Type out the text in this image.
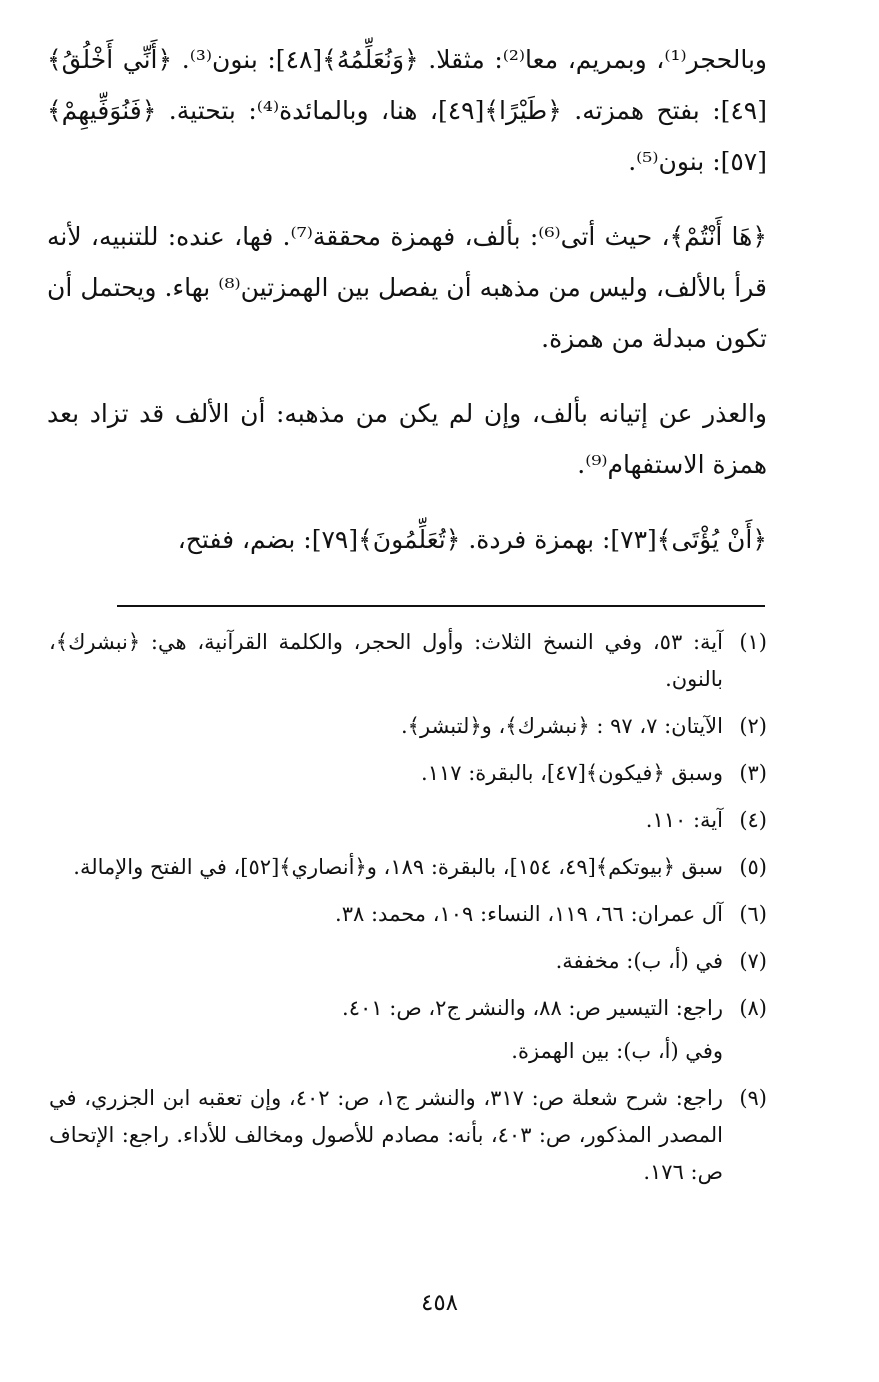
وبالحجر⁽¹⁾، وبمريم، معا⁽²⁾: مثقلا. ﴿وَنُعَلِّمُهُ﴾[٤٨]: بنون⁽³⁾. ﴿أَنِّي أَخْلُقُ﴾[٤٩]: بفتح همزته. ﴿طَيْرًا﴾[٤٩]، هنا، وبالمائدة⁽⁴⁾: بتحتية. ﴿فَنُوَفِّيهِمْ﴾[٥٧]: بنون⁽⁵⁾.

﴿هَا أَنْتُمْ﴾، حيث أتى⁽⁶⁾: بألف، فهمزة محققة⁽⁷⁾. فها، عنده: للتنبيه، لأنه قرأ بالألف، وليس من مذهبه أن يفصل بين الهمزتين⁽⁸⁾ بهاء. ويحتمل أن تكون مبدلة من همزة.

والعذر عن إتيانه بألف، وإن لم يكن من مذهبه: أن الألف قد تزاد بعد همزة الاستفهام⁽⁹⁾.

﴿أَنْ يُؤْتَى﴾[٧٣]: بهمزة فردة. ﴿تُعَلِّمُونَ﴾[٧٩]: بضم، ففتح،

(١)
آية: ٥٣، وفي النسخ الثلاث: وأول الحجر، والكلمة القرآنية، هي: ﴿نبشرك﴾، بالنون.
(٢)
الآيتان: ٧، ٩٧ : ﴿نبشرك﴾، و﴿لتبشر﴾.
(٣)
وسبق ﴿فيكون﴾[٤٧]، بالبقرة: ١١٧.
(٤)
آية: ١١٠.
(٥)
سبق ﴿بيوتكم﴾[٤٩، ١٥٤]، بالبقرة: ١٨٩، و﴿أنصاري﴾[٥٢]، في الفتح والإمالة.
(٦)
آل عمران: ٦٦، ١١٩، النساء: ١٠٩، محمد: ٣٨.
(٧)
في (أ، ب): مخففة.
(٨)
راجع: التيسير ص: ٨٨، والنشر ج٢، ص: ٤٠١.
وفي (أ، ب): بين الهمزة.
(٩)
راجع: شرح شعلة ص: ٣١٧، والنشر ج١، ص: ٤٠٢، وإن تعقبه ابن الجزري، في المصدر المذكور، ص: ٤٠٣، بأنه: مصادم للأصول ومخالف للأداء. راجع: الإتحاف ص: ١٧٦.
٤٥٨
